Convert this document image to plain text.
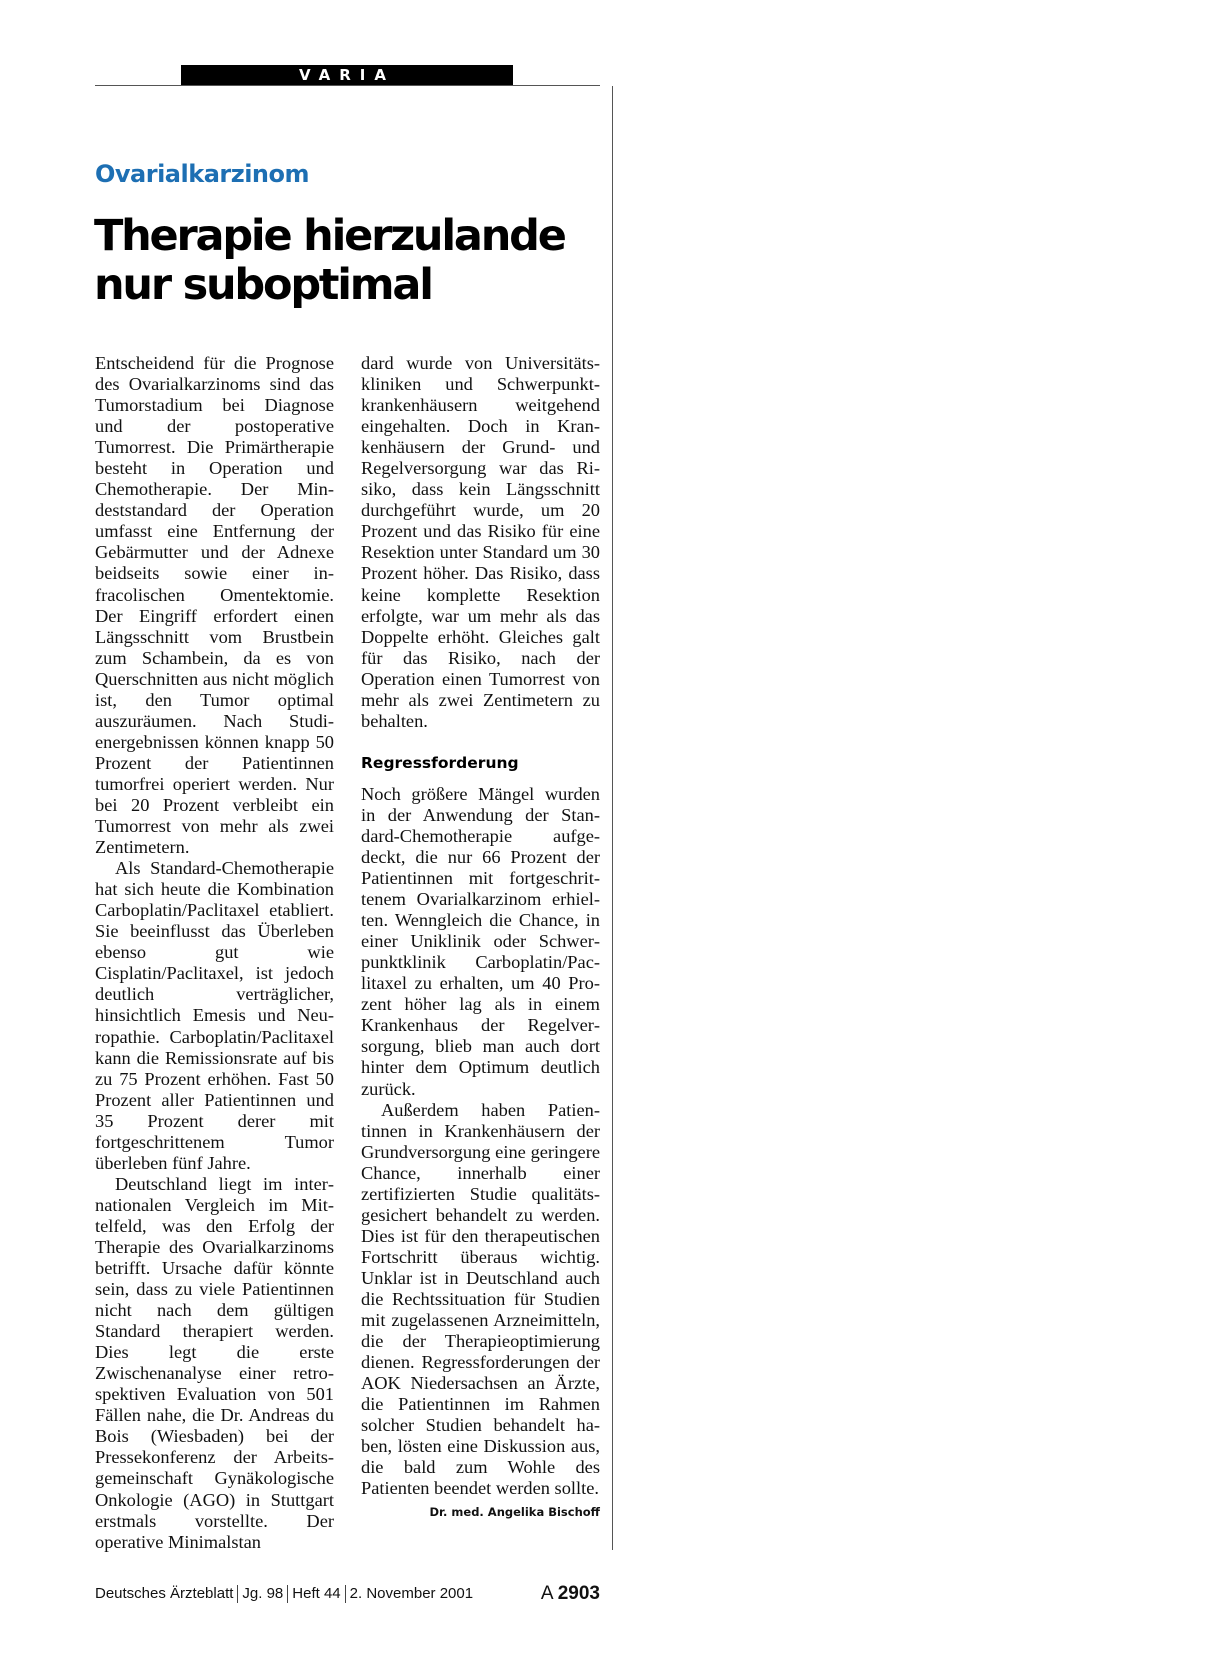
VARIA
Ovarialkarzinom
Therapie hierzulande nur suboptimal

Entscheidend für die Prognose des Ovarialkarzinoms sind das Tumorstadium bei Diagnose und der postoperative Tumorrest. Die Primärtherapie besteht in Operation und Chemotherapie. Der Mindeststandard der Operation umfasst eine Entfernung der Gebärmutter und der Adnexe beidseits sowie einer infracolischen Omentektomie. Der Eingriff erfordert einen Längsschnitt vom Brustbein zum Schambein, da es von Querschnitten aus nicht möglich ist, den Tumor optimal auszuräumen. Nach Studienergebnissen können knapp 50 Prozent der Patientinnen tumorfrei operiert werden. Nur bei 20 Prozent verbleibt ein Tumorrest von mehr als zwei Zentimetern.

Als Standard-Chemotherapie hat sich heute die Kombination Carboplatin/Paclitaxel etabliert. Sie beeinflusst das Überleben ebenso gut wie Cisplatin/Paclitaxel, ist jedoch deutlich verträglicher, hinsichtlich Emesis und Neuropathie. Carboplatin/Paclitaxel kann die Remissionsrate auf bis zu 75 Prozent erhöhen. Fast 50 Prozent aller Patientinnen und 35 Prozent derer mit fortgeschrittenem Tumor überleben fünf Jahre.

Deutschland liegt im internationalen Vergleich im Mittelfeld, was den Erfolg der Therapie des Ovarialkarzinoms betrifft. Ursache dafür könnte sein, dass zu viele Patientinnen nicht nach dem gültigen Standard therapiert werden. Dies legt die erste Zwischenanalyse einer retrospektiven Evaluation von 501 Fällen nahe, die Dr. Andreas du Bois (Wiesbaden) bei der Pressekonferenz der Arbeitsgemeinschaft Gynäkologische Onkologie (AGO) in Stuttgart erstmals vorstellte. Der operative Minimalstan

dard wurde von Universitätskliniken und Schwerpunktkrankenhäusern weitgehend eingehalten. Doch in Krankenhäusern der Grund- und Regelversorgung war das Risiko, dass kein Längsschnitt durchgeführt wurde, um 20 Prozent und das Risiko für eine Resektion unter Standard um 30 Prozent höher. Das Risiko, dass keine komplette Resektion erfolgte, war um mehr als das Doppelte erhöht. Gleiches galt für das Risiko, nach der Operation einen Tumorrest von mehr als zwei Zentimetern zu behalten.

Regressforderung

Noch größere Mängel wurden in der Anwendung der Standard-Chemotherapie aufgedeckt, die nur 66 Prozent der Patientinnen mit fortgeschrittenem Ovarialkarzinom erhielten. Wenngleich die Chance, in einer Uniklinik oder Schwerpunktklinik Carboplatin/Paclitaxel zu erhalten, um 40 Prozent höher lag als in einem Krankenhaus der Regelversorgung, blieb man auch dort hinter dem Optimum deutlich zurück.

Außerdem haben Patientinnen in Krankenhäusern der Grundversorgung eine geringere Chance, innerhalb einer zertifizierten Studie qualitätsgesichert behandelt zu werden. Dies ist für den therapeutischen Fortschritt überaus wichtig. Unklar ist in Deutschland auch die Rechtssituation für Studien mit zugelassenen Arzneimitteln, die der Therapieoptimierung dienen. Regressforderungen der AOK Niedersachsen an Ärzte, die Patientinnen im Rahmen solcher Studien behandelt haben, lösten eine Diskussion aus, die bald zum Wohle des Patienten beendet werden sollte.
Dr. med. Angelika Bischoff

Deutsches Ärzteblatt Jg. 98 Heft 44 2. November 2001	A 2903
